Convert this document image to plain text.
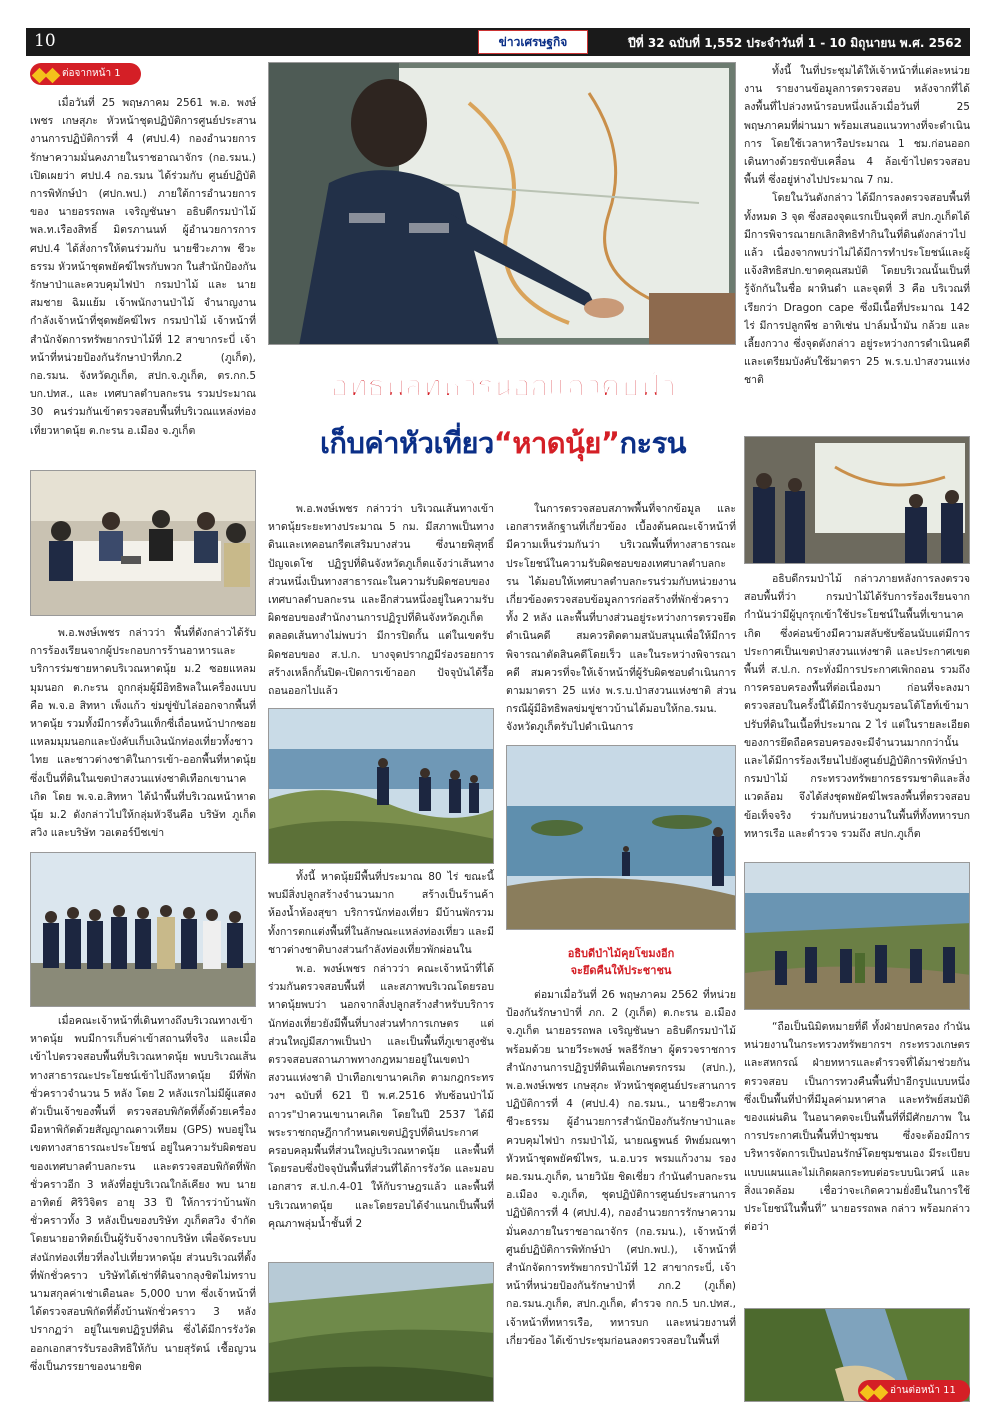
10	ข่าวเศรษฐกิจ	ปีที่ 32 ฉบับที่ 1,552 ประจำวันที่ 1 - 10 มิถุนายน พ.ศ. 2562
ต่อจากหน้า 1

เมื่อวันที่ 25 พฤษภาคม 2561 พ.อ. พงษ์เพชร เกษสุภะ หัวหน้าชุดปฏิบัติการศูนย์ประสานงานการปฏิบัติการที่ 4 (ศปป.4) กองอำนวยการรักษาความมั่นคงภายในราชอาณาจักร (กอ.รมน.) เปิดเผยว่า ศปป.4 กอ.รมน ได้ร่วมกับ ศูนย์ปฏิบัติการพิทักษ์ป่า (ศปก.พป.) ภายใต้การอำนวยการของ นายอรรถพล เจริญชันษา อธิบดีกรมป่าไม้ พล.ท.เรืองสิทธิ์ มิตรภานนท์ ผู้อำนวยการการ ศปป.4 ได้สั่งการให้ตนร่วมกับ นายชีวะภาพ ชีวะธรรม หัวหน้าชุดพยัคฆ์ไพรกับพวก ในสำนักป้องกันรักษาป่าและควบคุมไฟป่า กรมป่าไม้ และ นายสมชาย ฉิมแย้ม เจ้าพนักงานป่าไม้ จำนาญงานกำลังเจ้าหน้าที่ชุดพยัคฆ์ไพร กรมป่าไม้ เจ้าหน้าที่สำนักจัดการทรัพยากรป่าไม้ที่ 12 สาขากระบี่ เจ้าหน้าที่หน่วยป้องกันรักษาป่าที่ภก.2 (ภูเก็ต), กอ.รมน. จังหวัดภูเก็ต, สปก.จ.ภูเก็ต, ตร.กก.5 บก.ปทส., และ เทศบาลตำบลกะรน รวมประมาณ 30 คนร่วมกันเข้าตรวจสอบพื้นที่บริเวณแหล่งท่องเที่ยวหาดนุ้ย ต.กะรน อ.เมือง จ.ภูเก็ต

พ.อ.พงษ์เพชร กล่าวว่า พื้นที่ดังกล่าวได้รับการร้องเรียนจากผู้ประกอบการร้านอาหารและบริการร่มชายหาดบริเวณหาดนุ้ย ม.2 ซอยแหลมมุมนอก ต.กะรน ถูกกลุ่มผู้มีอิทธิพลในเครื่องแบบคือ พ.จ.อ สิทหา เพ็งแก้ว ข่มขู่ขับไล่ออกจากพื้นที่หาดนุ้ย รวมทั้งมีการตั้งวินแท็กซี่เถื่อนหน้าปากซอยแหลมมุมนอกและบังคับเก็บเงินนักท่องเที่ยวทั้งชาวไทย และชาวต่างชาติในการเข้า-ออกพื้นที่หาดนุ้ย ซึ่งเป็นที่ดินในเขตป่าสงวนแห่งชาติเทือกเขานาคเกิด โดย พ.จ.อ.สิทหา ได้นำพื้นที่บริเวณหน้าหาดนุ้ย ม.2 ดังกล่าวไปให้กลุ่มหัวจีนคือ บริษัท ภูเก็ตสวิง และบริษัท วอเตอร์บีชเข่า

เมื่อคณะเจ้าหน้าที่เดินทางถึงบริเวณทางเข้าหาดนุ้ย พบมีการเก็บค่าเข้าสถานที่จริง และเมื่อเข้าไปตรวจสอบพื้นที่บริเวณหาดนุ้ย พบบริเวณเส้นทางสาธารณะประโยชน์เข้าไปถึงหาดนุ้ย มีที่พักชั่วคราวจำนวน 5 หลัง โดย 2 หลังแรกไม่มีผู้แสดงตัวเป็นเจ้าของพื้นที่ ตรวจสอบพิกัดที่ตั้งด้วยเครื่องมือหาพิกัดด้วยสัญญาณดาวเทียม (GPS) พบอยู่ในเขตทางสาธารณะประโยชน์ อยู่ในความรับผิดชอบของเทศบาลตำบลกะรน และตรวจสอบพิกัดที่พักชั่วคราวอีก 3 หลังที่อยู่บริเวณใกล้เคียง พบ นายอาทิตย์ ศิริวิจิตร อายุ 33 ปี ให้การว่าบ้านพักชั่วคราวทั้ง 3 หลังเป็นของบริษัท ภูเก็ตสวิง จำกัด โดยนายอาทิตย์เป็นผู้รับจ้างจากบริษัท เพื่อจัดระบบส่งนักท่องเที่ยวที่ลงไปเที่ยวหาดนุ้ย ส่วนบริเวณที่ตั้งที่พักชั่วคราว บริษัทได้เช่าที่ดินจากลุงชิตไม่ทราบนามสกุลค่าเช่าเดือนละ 5,000 บาท ซึ่งเจ้าหน้าที่ได้ตรวจสอบพิกัดที่ตั้งบ้านพักชั่วคราว 3 หลังปรากฏว่า อยู่ในเขตปฏิรูปที่ดิน ซึ่งได้มีการรังวัดออกเอกสารรับรองสิทธิให้กับ นายสุรัตน์ เชื้อญวน ซึ่งเป็นภรรยาของนายชิต

อิทธิพลทหารนอกแถวคับฟ้า
เก็บค่าหัวเที่ยว“หาดนุ้ย”กะรน

พ.อ.พงษ์เพชร กล่าวว่า บริเวณเส้นทางเข้าหาดนุ้ยระยะทางประมาณ 5 กม. มีสภาพเป็นทางดินและเทคอนกรีตเสริมบางส่วน ซึ่งนายพิสุทธิ์ ปัญจเดโช ปฏิรูปที่ดินจังหวัดภูเก็ตแจ้งว่าเส้นทางส่วนหนึ่งเป็นทางสาธารณะในความรับผิดชอบของเทศบาลตำบลกะรน และอีกส่วนหนึ่งอยู่ในความรับผิดชอบของสำนักงานการปฏิรูปที่ดินจังหวัดภูเก็ต ตลอดเส้นทางไม่พบว่า มีการปิดกั้น แต่ในเขตรับผิดชอบของ ส.ป.ก. บางจุดปรากฏมีร่องรอยการสร้างเหล็กกั้นปิด-เปิดการเข้าออก ปัจจุบันได้รื้อถอนออกไปแล้ว

ทั้งนี้ หาดนุ้ยมีพื้นที่ประมาณ 80 ไร่ ขณะนี้พบมีสิ่งปลูกสร้างจำนวนมาก สร้างเป็นร้านค้า ห้องน้ำห้องสุขา บริการนักท่องเที่ยว มีบ้านพักรวมทั้งการตกแต่งพื้นที่ในลักษณะแหล่งท่องเที่ยว และมีชาวต่างชาติบางส่วนกำลังท่องเที่ยวพักผ่อนใน

พ.อ. พงษ์เพชร กล่าวว่า คณะเจ้าหน้าที่ได้ร่วมกันตรวจสอบพื้นที่ และสภาพบริเวณโดยรอบหาดนุ้ยพบว่า นอกจากสิ่งปลูกสร้างสำหรับบริการนักท่องเที่ยวยังมีพื้นที่บางส่วนทำการเกษตร แต่ส่วนใหญ่มีสภาพเป็นป่า และเป็นพื้นที่ภูเขาสูงชัน ตรวจสอบสถานภาพทางกฎหมายอยู่ในเขตป่าสงวนแห่งชาติ ป่าเทือกเขานาคเกิด ตามกฎกระทรวงฯ ฉบับที่ 621 ปี พ.ศ.2516 ทับซ้อนป่าไม้ถาวร"ป่าควนเขานาคเกิด โดยในปี 2537 ได้มีพระราชกฤษฎีกากำหนดเขตปฏิรูปที่ดินประกาศครอบคลุมพื้นที่ส่วนใหญ่บริเวณหาดนุ้ย และพื้นที่โดยรอบซึ่งปัจจุบันพื้นที่ส่วนที่ได้การรังวัด และมอบเอกสาร ส.ป.ก.4-01 ให้กับราษฎรแล้ว และพื้นที่บริเวณหาดนุ้ย และโดยรอบได้จำแนกเป็นพื้นที่คุณภาพลุ่มน้ำชั้นที่ 2

ในการตรวจสอบสภาพพื้นที่จากข้อมูล และเอกสารหลักฐานที่เกี่ยวข้อง เบื้องต้นคณะเจ้าหน้าที่มีความเห็นร่วมกันว่า บริเวณพื้นที่ทางสาธารณะประโยชน์ในความรับผิดชอบของเทศบาลตำบลกะรน ได้มอบให้เทศบาลตำบลกะรนร่วมกับหน่วยงานเกี่ยวข้องตรวจสอบข้อมูลการก่อสร้างที่พักชั่วคราวทั้ง 2 หลัง และพื้นที่บางส่วนอยู่ระหว่างการตรวจยึดดำเนินคดี สมควรติดตามสนับสนุนเพื่อให้มีการพิจารณาตัดสินคดีโดยเร็ว และในระหว่างพิจารณาคดี สมควรที่จะให้เจ้าหน้าที่ผู้รับผิดชอบดำเนินการตามมาตรา 25 แห่ง พ.ร.บ.ป่าสงวนแห่งชาติ ส่วนกรณีผู้มีอิทธิพลข่มขู่ชาวบ้านได้มอบให้กอ.รมน. จังหวัดภูเก็ตรับไปดำเนินการ

อธิบดีป่าไม้คุยโขมงอีก
จะยึดคืนให้ประชาชน

ต่อมาเมื่อวันที่ 26 พฤษภาคม 2562 ที่หน่วยป้องกันรักษาป่าที่ ภก. 2 (ภูเก็ต) ต.กะรน อ.เมือง จ.ภูเก็ต นายอรรถพล เจริญชันษา อธิบดีกรมป่าไม้ พร้อมด้วย นายวีระพงษ์ พลธีรักษา ผู้ตรวจราชการสำนักงานการปฏิรูปที่ดินเพื่อเกษตรกรรม (สปก.), พ.อ.พงษ์เพชร เกษสุภะ หัวหน้าชุดศูนย์ประสานการปฏิบัติการที่ 4 (ศปป.4) กอ.รมน., นายชีวะภาพ ชีวะธรรม ผู้อำนวยการสำนักป้องกันรักษาป่าและควบคุมไฟป่า กรมป่าไม้, นายณฐพนธ์ ทิพย์มณฑา หัวหน้าชุดพยัคฆ์ไพร, น.อ.บวร พรมแก้วงาม รองผอ.รมน.ภูเก็ต, นายวินัย ชิดเชี่ยว กำนันตำบลกะรน อ.เมือง จ.ภูเก็ต, ชุดปฏิบัติการศูนย์ประสานการปฏิบัติการที่ 4 (ศปป.4), กองอำนวยการรักษาความมั่นคงภายในราชอาณาจักร (กอ.รมน.), เจ้าหน้าที่ศูนย์ปฏิบัติการพิทักษ์ป่า (ศปก.พป.), เจ้าหน้าที่สำนักจัดการทรัพยากรป่าไม้ที่ 12 สาขากระบี่, เจ้าหน้าที่หน่วยป้องกันรักษาป่าที่ ภก.2 (ภูเก็ต) กอ.รมน.ภูเก็ต, สปก.ภูเก็ต, ตำรวจ กก.5 บก.ปทส., เจ้าหน้าที่ทหารเรือ, ทหารบก และหน่วยงานที่เกี่ยวข้อง ได้เข้าประชุมก่อนลงตรวจสอบในพื้นที่

ทั้งนี้ ในที่ประชุมได้ให้เจ้าหน้าที่แต่ละหน่วยงาน รายงานข้อมูลการตรวจสอบ หลังจากที่ได้ลงพื้นที่ไปล่วงหน้ารอบหนึ่งแล้วเมื่อวันที่ 25 พฤษภาคมที่ผ่านมา พร้อมเสนอแนวทางที่จะดำเนินการ โดยใช้เวลาหารือประมาณ 1 ชม.ก่อนออกเดินทางด้วยรถขับเคลื่อน 4 ล้อเข้าไปตรวจสอบพื้นที่ ซึ่งอยู่ห่างไปประมาณ 7 กม.

โดยในวันดังกล่าว ได้มีการลงตรวจสอบพื้นที่ทั้งหมด 3 จุด ซึ่งสองจุดแรกเป็นจุดที่ สปก.ภูเก็ตได้มีการพิจารณายกเลิกสิทธิทำกินในที่ดินดังกล่าวไปแล้ว เนื่องจากพบว่าไม่ได้มีการทำประโยชน์และผู้แจ้งสิทธิสปก.ขาดคุณสมบัติ โดยบริเวณนั้นเป็นที่รู้จักกันในชื่อ ผาหินดำ และจุดที่ 3 คือ บริเวณที่เรียกว่า Dragon cape ซึ่งมีเนื้อที่ประมาณ 142 ไร่ มีการปลูกพืช อาทิเช่น ปาล์มน้ำมัน กล้วย และเลี้ยงกวาง ซึ่งจุดดังกล่าว อยู่ระหว่างการดำเนินคดี และเตรียมบังคับใช้มาตรา 25 พ.ร.บ.ป่าสงวนแห่งชาติ

อธิบดีกรมป่าไม้ กล่าวภายหลังการลงตรวจสอบพื้นที่ว่า กรมป่าไม้ได้รับการร้องเรียนจากกำนันว่ามีผู้บุกรุกเข้าใช้ประโยชน์ในพื้นที่เขานาคเกิด ซึ่งค่อนข้างมีความสลับซับซ้อนนับแต่มีการประกาศเป็นเขตป่าสงวนแห่งชาติ และประกาศเขตพื้นที่ ส.ป.ก. กระทั่งมีการประกาศเพิกถอน รวมถึงการครอบครองพื้นที่ต่อเนื่องมา ก่อนที่จะลงมาตรวจสอบในครั้งนี้ได้มีการจับภูมรอนโต้โฮท์เข้ามาปรับที่ดินในเนื้อที่ประมาณ 2 ไร่ แต่ในรายละเอียดของการยึดถือครอบครองจะมีจำนวนมากกว่านั้น และได้มีการร้องเรียนไปยังศูนย์ปฏิบัติการพิทักษ์ป่า กรมป่าไม้ กระทรวงทรัพยากรธรรมชาติและสิ่งแวดล้อม จึงได้ส่งชุดพยัคฆ์ไพรลงพื้นที่ตรวจสอบข้อเท็จจริง ร่วมกับหน่วยงานในพื้นที่ทั้งทหารบก ทหารเรือ และตำรวจ รวมถึง สปก.ภูเก็ต

“ถือเป็นนิมิตหมายที่ดี ทั้งฝ่ายปกครอง กำนันหน่วยงานในกระทรวงทรัพยากรฯ กระทรวงเกษตรและสหกรณ์ ฝ่ายทหารและตำรวจที่ได้มาช่วยกันตรวจสอบ เป็นการทวงคืนพื้นที่ป่าอีกรูปแบบหนึ่ง ซึ่งเป็นพื้นที่ป่าที่มีมูลค่ามหาศาล และทรัพย์สมบัติของแผ่นดิน ในอนาคตจะเป็นพื้นที่ที่มีศักยภาพ ในการประกาศเป็นพื้นที่ป่าชุมชน ซึ่งจะต้องมีการบริหารจัดการเป็นป่อนรักษ์โดยชุมชนเอง มีระเบียบแบบแผนและไม่เกิดผลกระทบต่อระบบนิเวศน์ และสิ่งแวดล้อม เชื่อว่าจะเกิดความยั่งยืนในการใช้ประโยชน์ในพื้นที่” นายอรรถพล กล่าว พร้อมกล่าวต่อว่า

อ่านต่อหน้า 11
